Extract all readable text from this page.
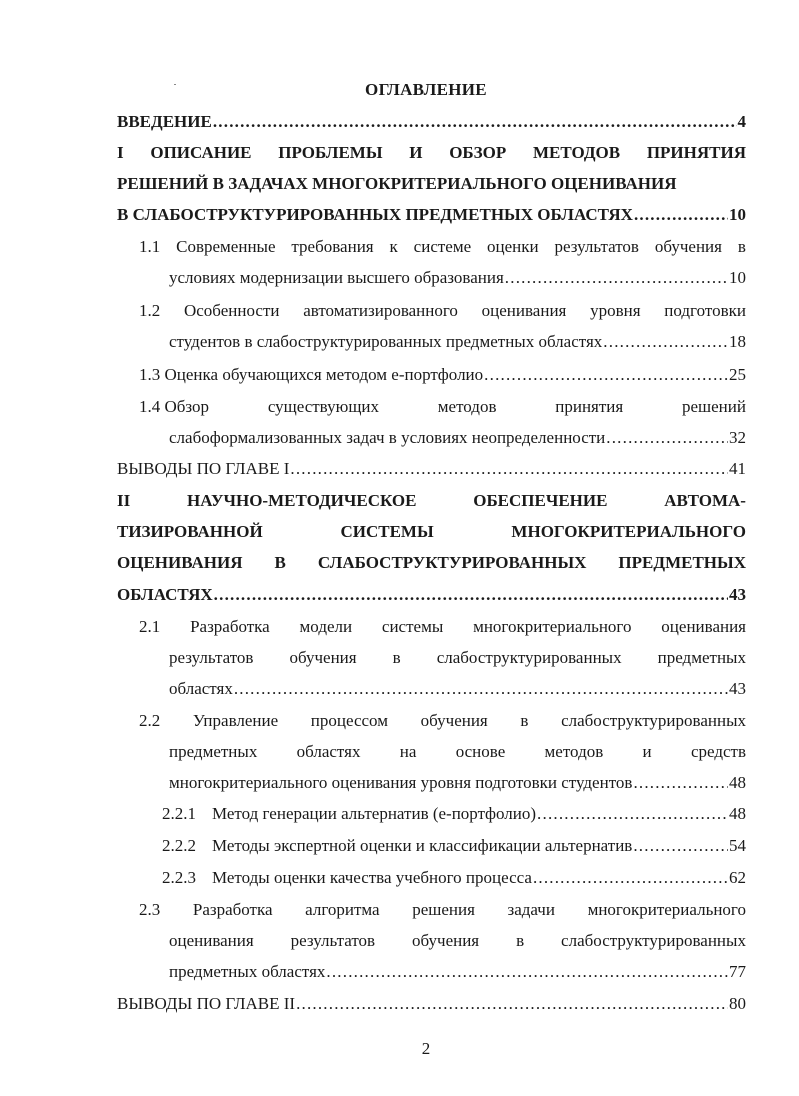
ОГЛАВЛЕНИЕ
ВВЕДЕНИЕ .....	4
I ОПИСАНИЕ ПРОБЛЕМЫ И ОБЗОР МЕТОДОВ ПРИНЯТИЯ
РЕШЕНИЙ В ЗАДАЧАХ МНОГОКРИТЕРИАЛЬНОГО ОЦЕНИВАНИЯ
В СЛАБОСТРУКТУРИРОВАННЫХ ПРЕДМЕТНЫХ ОБЛАСТЯХ .....	10
1.1 Современные требования к системе оценки результатов обучения в
условиях модернизации высшего образования .....	10
1.2 Особенности автоматизированного оценивания уровня подготовки
студентов в слабоструктурированных предметных областях .....	18
1.3 Оценка обучающихся методом е-портфолио .....	25
1.4 Обзор	существующих	методов	принятия	решений
слабоформализованных задач в условиях неопределенности .....	32
ВЫВОДЫ ПО ГЛАВЕ I .....	41
II	НАУЧНО-МЕТОДИЧЕСКОЕ	ОБЕСПЕЧЕНИЕ	АВТОМА-
ТИЗИРОВАННОЙ	СИСТЕМЫ	МНОГОКРИТЕРИАЛЬНОГО
ОЦЕНИВАНИЯ В СЛАБОСТРУКТУРИРОВАННЫХ ПРЕДМЕТНЫХ
ОБЛАСТЯХ .....	43
2.1 Разработка модели системы многокритериального оценивания
результатов обучения в слабоструктурированных предметных
областях .....	43
2.2 Управление процессом обучения в слабоструктурированных
предметных областях на основе методов и средств
многокритериального оценивания уровня подготовки студентов .....	48
2.2.1 Метод генерации альтернатив (е-портфолио) .....	48
2.2.2 Методы экспертной оценки и классификации альтернатив .....	54
2.2.3 Методы оценки качества учебного процесса .....	62
2.3 Разработка алгоритма решения задачи многокритериального
оценивания результатов обучения в слабоструктурированных
предметных областях .....	77
ВЫВОДЫ ПО ГЛАВЕ II .....	80
2
